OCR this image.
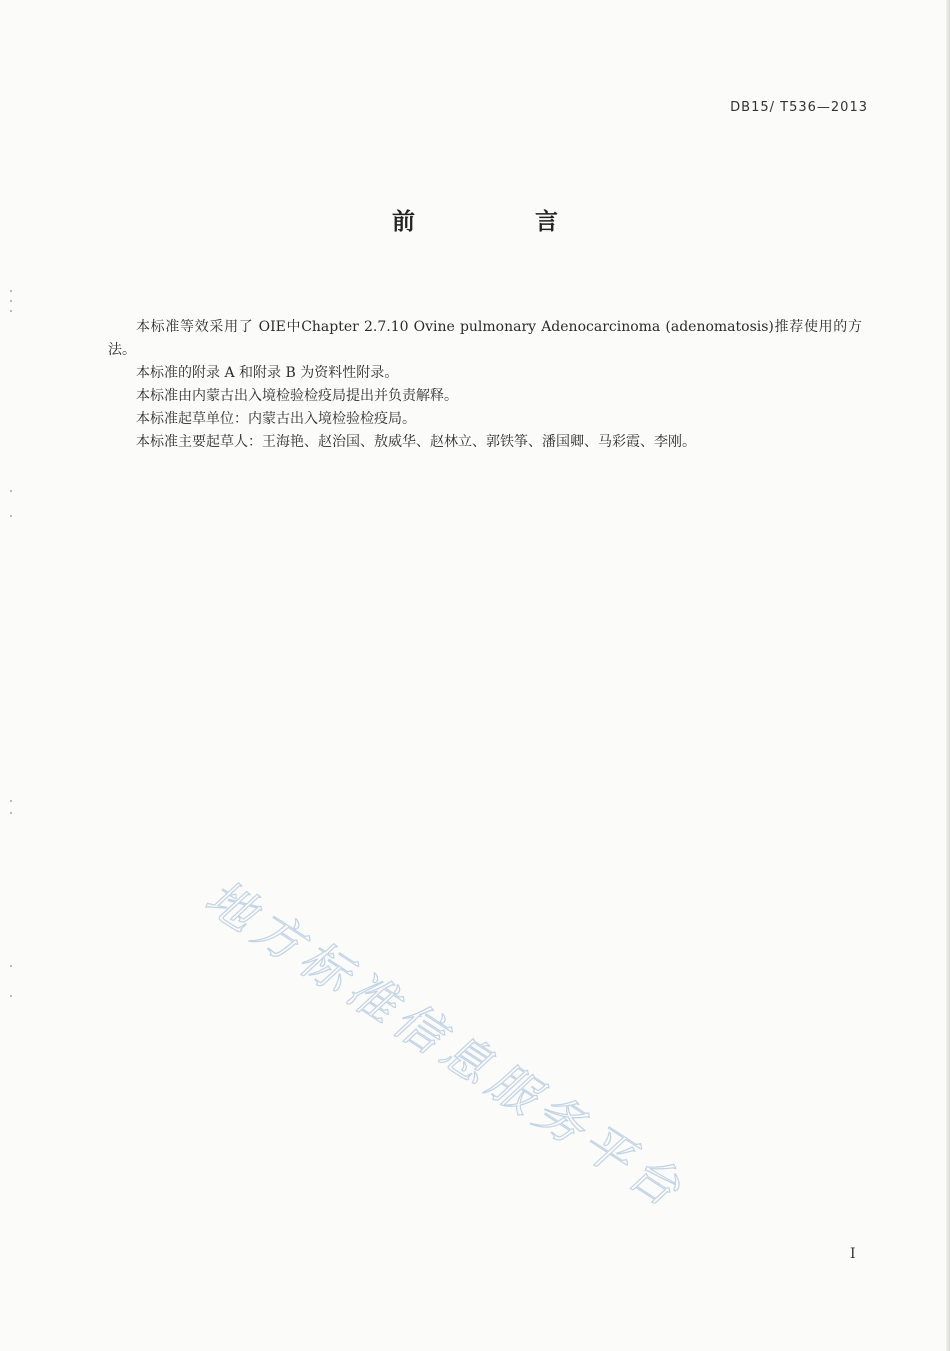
DB15/ T536—2013
前 言

本标准等效采用了 OIE中Chapter 2.7.10 Ovine pulmonary Adenocarcinoma (adenomatosis)推荐使用的方法。

本标准的附录 A 和附录 B 为资料性附录。

本标准由内蒙古出入境检验检疫局提出并负责解释。

本标准起草单位：内蒙古出入境检验检疫局。

本标准主要起草人：王海艳、赵治国、敖威华、赵林立、郭铁筝、潘国卿、马彩霞、李刚。

地方标准信息服务平台
I
